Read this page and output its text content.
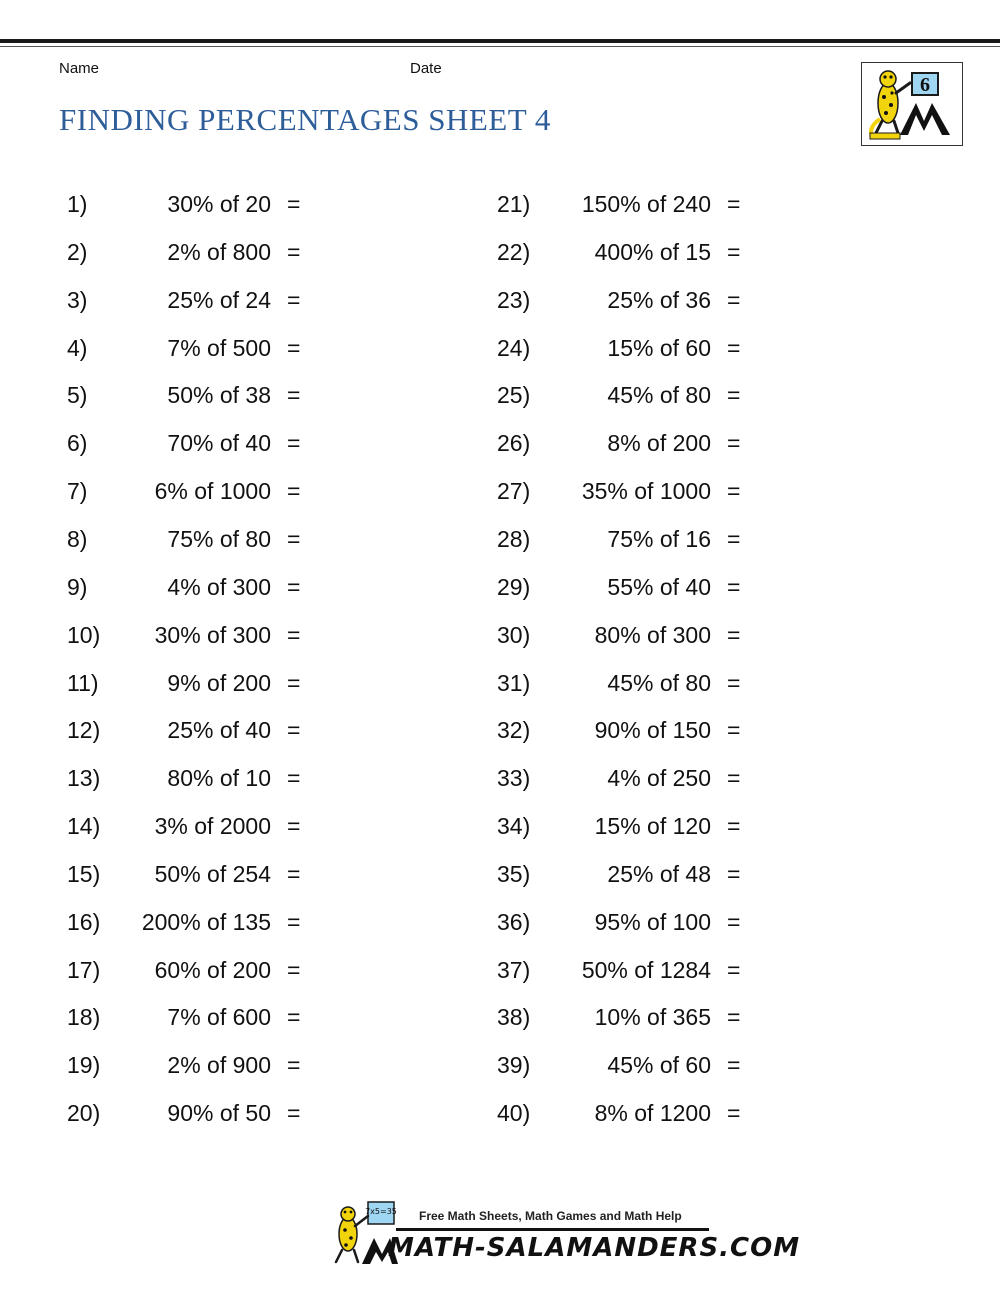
Name	Date
FINDING PERCENTAGES SHEET 4
6
1)	30% of 20 =
2)	2% of 800 =
3)	25% of 24 =
4)	7% of 500 =
5)	50% of 38 =
6)	70% of 40 =
7)	6% of 1000 =
8)	75% of 80 =
9)	4% of 300 =
10)	30% of 300 =
11)	9% of 200 =
12)	25% of 40 =
13)	80% of 10 =
14)	3% of 2000 =
15)	50% of 254 =
16)	200% of 135 =
17)	60% of 200 =
18)	7% of 600 =
19)	2% of 900 =
20)	90% of 50 =
21)	150% of 240 =
22)	400% of 15 =
23)	25% of 36 =
24)	15% of 60 =
25)	45% of 80 =
26)	8% of 200 =
27)	35% of 1000 =
28)	75% of 16 =
29)	55% of 40 =
30)	80% of 300 =
31)	45% of 80 =
32)	90% of 150 =
33)	4% of 250 =
34)	15% of 120 =
35)	25% of 48 =
36)	95% of 100 =
37)	50% of 1284 =
38)	10% of 365 =
39)	45% of 60 =
40)	8% of 1200 =
7x5=35 Free Math Sheets, Math Games and Math Help
MATH-SALAMANDERS.COM
